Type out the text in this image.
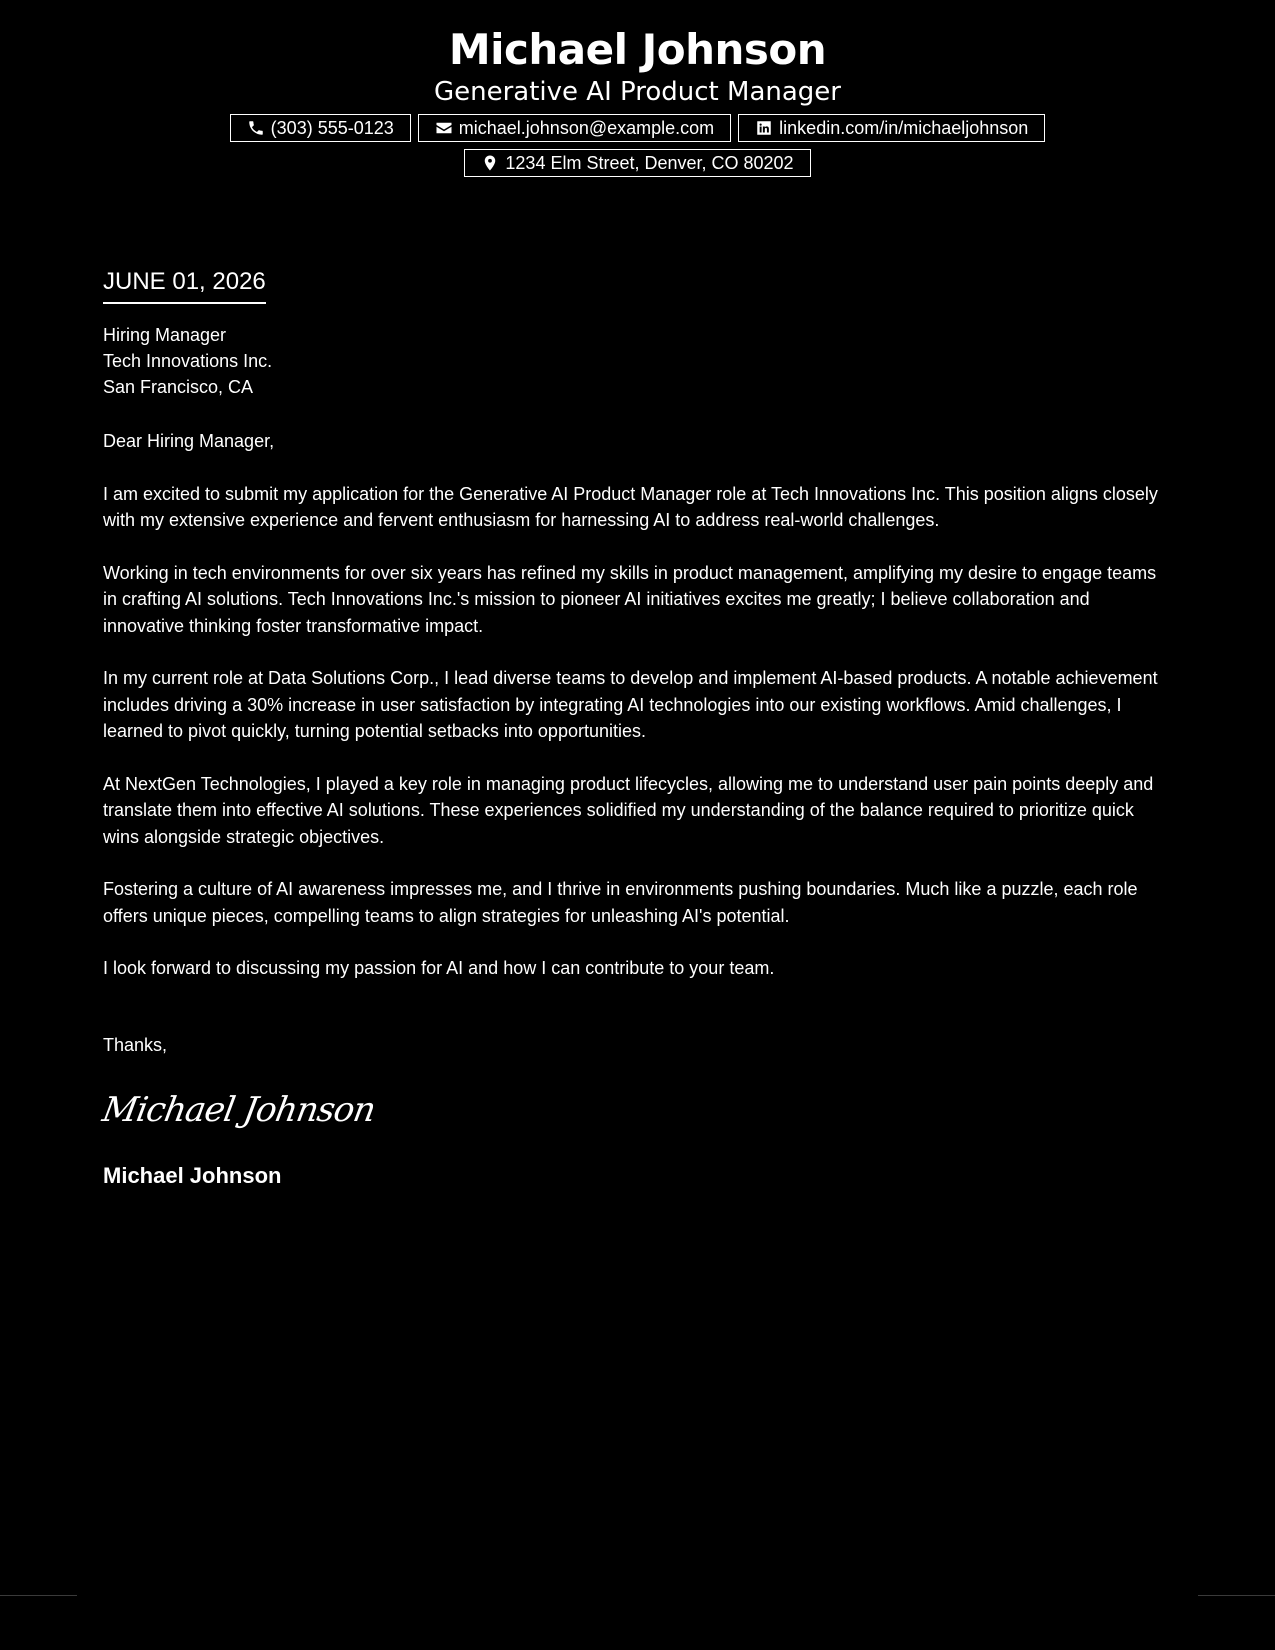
Michael Johnson
Generative AI Product Manager
(303) 555-0123	michael.johnson@example.com	linkedin.com/in/michaeljohnson
1234 Elm Street, Denver, CO 80202
JUNE 01, 2026
Hiring Manager
Tech Innovations Inc.
San Francisco, CA
Dear Hiring Manager,
I am excited to submit my application for the Generative AI Product Manager role at Tech Innovations Inc. This position aligns closely with my extensive experience and fervent enthusiasm for harnessing AI to address real-world challenges.
Working in tech environments for over six years has refined my skills in product management, amplifying my desire to engage teams in crafting AI solutions. Tech Innovations Inc.'s mission to pioneer AI initiatives excites me greatly; I believe collaboration and innovative thinking foster transformative impact.
In my current role at Data Solutions Corp., I lead diverse teams to develop and implement AI-based products. A notable achievement includes driving a 30% increase in user satisfaction by integrating AI technologies into our existing workflows. Amid challenges, I learned to pivot quickly, turning potential setbacks into opportunities.
At NextGen Technologies, I played a key role in managing product lifecycles, allowing me to understand user pain points deeply and translate them into effective AI solutions. These experiences solidified my understanding of the balance required to prioritize quick wins alongside strategic objectives.
Fostering a culture of AI awareness impresses me, and I thrive in environments pushing boundaries. Much like a puzzle, each role offers unique pieces, compelling teams to align strategies for unleashing AI's potential.
I look forward to discussing my passion for AI and how I can contribute to your team.
Thanks,
Michael Johnson
Michael Johnson
